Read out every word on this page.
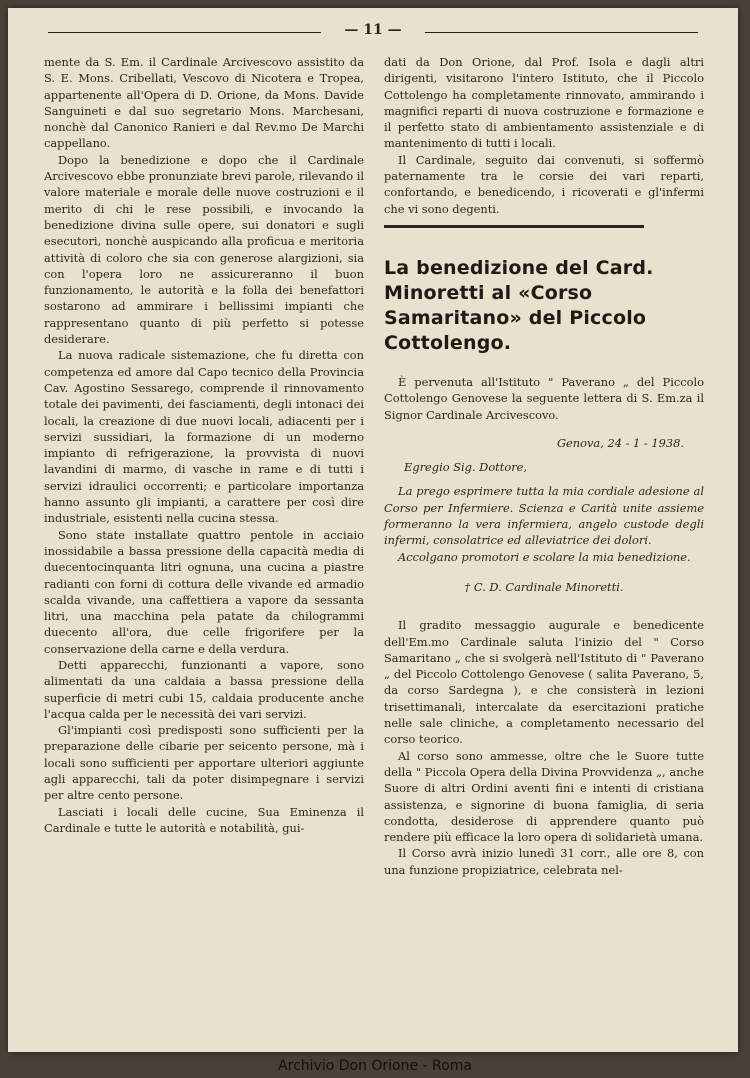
— 11 —

mente da S. Em. il Cardinale Arcivescovo assistito da S. E. Mons. Cribellati, Vescovo di Nicotera e Tropea, appartenente all'Opera di D. Orione, da Mons. Davide Sanguineti e dal suo segretario Mons. Marchesani, nonchè dal Canonico Ranieri e dal Rev.mo De Marchi cappellano.

Dopo la benedizione e dopo che il Cardinale Arcivescovo ebbe pronunziate brevi parole, rilevando il valore materiale e morale delle nuove costruzioni e il merito di chi le rese possibili, e invocando la benedizione divina sulle opere, sui donatori e sugli esecutori, nonchè auspicando alla proficua e meritoria attività di coloro che sia con generose alargizioni, sia con l'opera loro ne assicureranno il buon funzionamento, le autorità e la folla dei benefattori sostarono ad ammirare i bellissimi impianti che rappresentano quanto di più perfetto si potesse desiderare.

La nuova radicale sistemazione, che fu diretta con competenza ed amore dal Capo tecnico della Provincia Cav. Agostino Sessarego, comprende il rinnovamento totale dei pavimenti, dei fasciamenti, degli intonaci dei locali, la creazione di due nuovi locali, adiacenti per i servizi sussidiari, la formazione di un moderno impianto di refrigerazione, la provvista di nuovi lavandini di marmo, di vasche in rame e di tutti i servizi idraulici occorrenti; e particolare importanza hanno assunto gli impianti, a carattere per così dire industriale, esistenti nella cucina stessa.

Sono state installate quattro pentole in acciaio inossidabile a bassa pressione della capacità media di duecentocinquanta litri ognuna, una cucina a piastre radianti con forni di cottura delle vivande ed armadio scalda vivande, una caffettiera a vapore da sessanta litri, una macchina pela patate da chilogrammi duecento all'ora, due celle frigorifere per la conservazione della carne e della verdura.

Detti apparecchi, funzionanti a vapore, sono alimentati da una caldaia a bassa pressione della superficie di metri cubi 15, caldaia producente anche l'acqua calda per le necessità dei vari servizi.

Gl'impianti così predisposti sono sufficienti per la preparazione delle cibarie per seicento persone, mà i locali sono sufficienti per apportare ulteriori aggiunte agli apparecchi, tali da poter disimpegnare i servizi per altre cento persone.

Lasciati i locali delle cucine, Sua Eminenza il Cardinale e tutte le autorità e notabilità, gui-

dati da Don Orione, dal Prof. Isola e dagli altri dirigenti, visitarono l'intero Istituto, che il Piccolo Cottolengo ha completamente rinnovato, ammirando i magnifici reparti di nuova costruzione e formazione e il perfetto stato di ambientamento assistenziale e di mantenimento di tutti i locali.

Il Cardinale, seguito dai convenuti, si soffermò paternamente tra le corsie dei vari reparti, confortando, e benedicendo, i ricoverati e gl'infermi che vi sono degenti.

La benedizione del Card. Minoretti al «Corso Samaritano» del Piccolo Cottolengo.

È pervenuta all'Istituto " Paverano „ del Piccolo Cottolengo Genovese la seguente lettera di S. Em.za il Signor Cardinale Arcivescovo.

Genova, 24 - 1 - 1938.
Egregio Sig. Dottore,

La prego esprimere tutta la mia cordiale adesione al Corso per Infermiere. Scienza e Carità unite assieme formeranno la vera infermiera, angelo custode degli infermi, consolatrice ed alleviatrice dei dolori.

Accolgano promotori e scolare la mia benedizione.

† C. D. Cardinale Minoretti.

Il gradito messaggio augurale e benedicente dell'Em.mo Cardinale saluta l'inizio del " Corso Samaritano „ che si svolgerà nell'Istituto di " Paverano „ del Piccolo Cottolengo Genovese ( salita Paverano, 5, da corso Sardegna ), e che consisterà in lezioni trisettimanali, intercalate da esercitazioni pratiche nelle sale cliniche, a completamento necessario del corso teorico.

Al corso sono ammesse, oltre che le Suore tutte della " Piccola Opera della Divina Provvidenza „, anche Suore di altri Ordini aventi fini e intenti di cristiana assistenza, e signorine di buona famiglia, di seria condotta, desiderose di apprendere quanto può rendere più efficace la loro opera di solidarietà umana.

Il Corso avrà inizio lunedì 31 corr., alle ore 8, con una funzione propiziatrice, celebrata nel-

Archivio Don Orione - Roma
